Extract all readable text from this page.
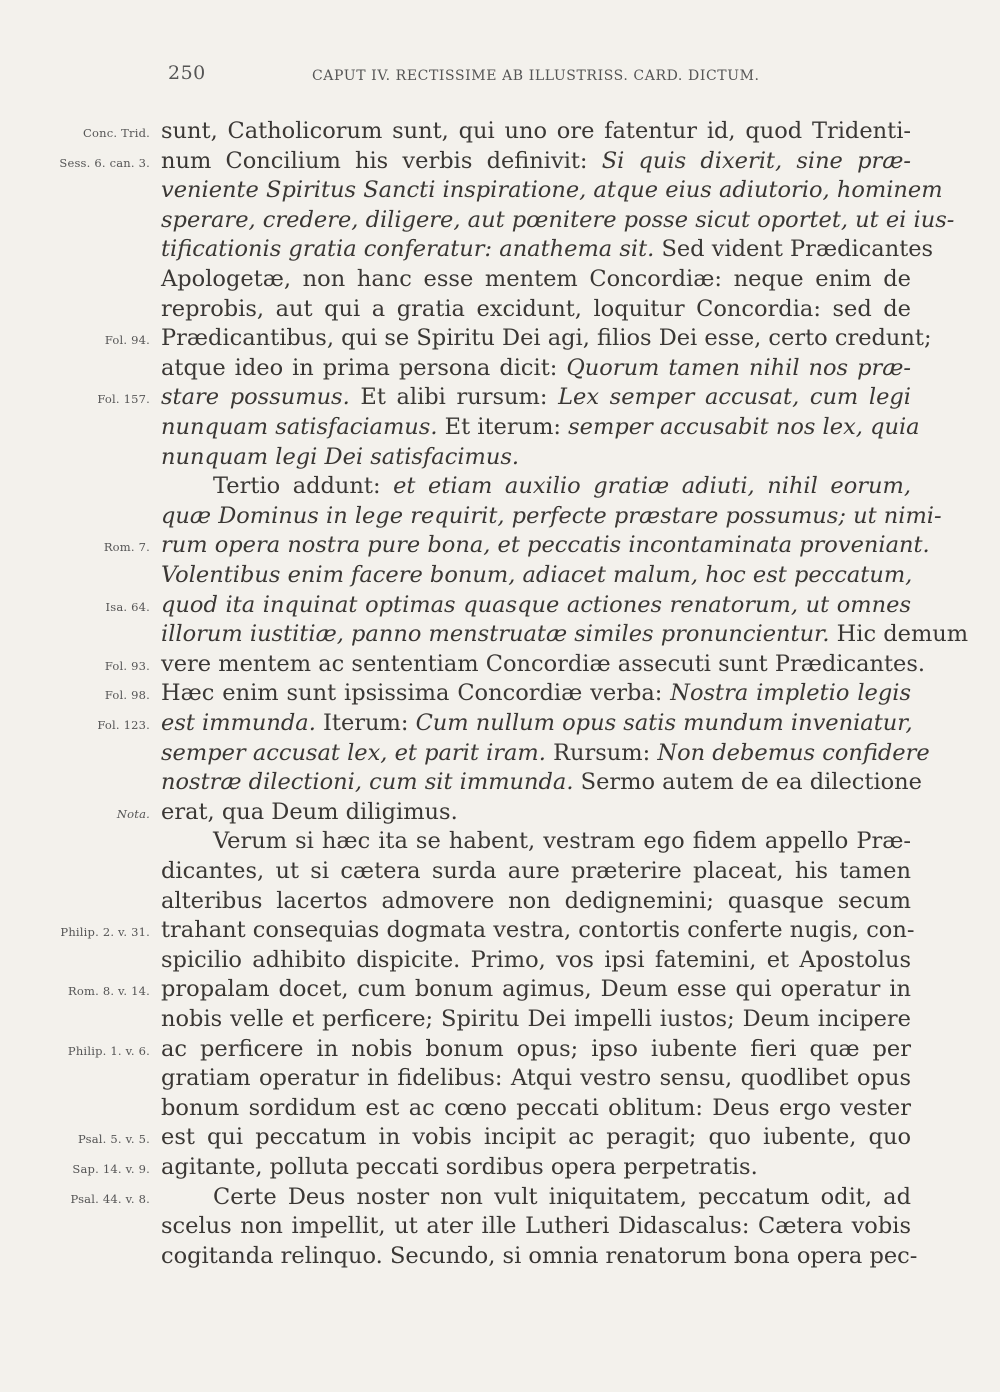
250	CAPUT IV. RECTISSIME AB ILLUSTRISS. CARD. DICTUM.
Conc. Trid.
Sess. 6. can. 3.
Fol. 94.
Fol. 157.
Rom. 7.
Isa. 64.
Fol. 93.
Fol. 98.
Fol. 123.
Nota.
Philip. 2. v. 31.
Rom. 8. v. 14.
Philip. 1. v. 6.
Psal. 5. v. 5.
Sap. 14. v. 9.
Psal. 44. v. 8.
sunt, Catholicorum sunt, qui uno ore fatentur id, quod Tridenti-
num Concilium his verbis definivit: Si quis dixerit, sine præ-
veniente Spiritus Sancti inspiratione, atque eius adiutorio, hominem
sperare, credere, diligere, aut pœnitere posse sicut oportet, ut ei ius-
tificationis gratia conferatur: anathema sit. Sed vident Prædicantes
Apologetæ, non hanc esse mentem Concordiæ: neque enim de
reprobis, aut qui a gratia excidunt, loquitur Concordia: sed de
Prædicantibus, qui se Spiritu Dei agi, filios Dei esse, certo credunt;
atque ideo in prima persona dicit: Quorum tamen nihil nos præ-
stare possumus. Et alibi rursum: Lex semper accusat, cum legi
nunquam satisfaciamus. Et iterum: semper accusabit nos lex, quia
nunquam legi Dei satisfacimus.
Tertio addunt: et etiam auxilio gratiæ adiuti, nihil eorum,
quæ Dominus in lege requirit, perfecte præstare possumus; ut nimi-
rum opera nostra pure bona, et peccatis incontaminata proveniant.
Volentibus enim facere bonum, adiacet malum, hoc est peccatum,
quod ita inquinat optimas quasque actiones renatorum, ut omnes
illorum iustitiæ, panno menstruatæ similes pronuncientur. Hic demum
vere mentem ac sententiam Concordiæ assecuti sunt Prædicantes.
Hæc enim sunt ipsissima Concordiæ verba: Nostra impletio legis
est immunda. Iterum: Cum nullum opus satis mundum inveniatur,
semper accusat lex, et parit iram. Rursum: Non debemus confidere
nostræ dilectioni, cum sit immunda. Sermo autem de ea dilectione
erat, qua Deum diligimus.
Verum si hæc ita se habent, vestram ego fidem appello Præ-
dicantes, ut si cætera surda aure præterire placeat, his tamen
alteribus lacertos admovere non dedignemini; quasque secum
trahant consequias dogmata vestra, contortis conferte nugis, con-
spicilio adhibito dispicite. Primo, vos ipsi fatemini, et Apostolus
propalam docet, cum bonum agimus, Deum esse qui operatur in
nobis velle et perficere; Spiritu Dei impelli iustos; Deum incipere
ac perficere in nobis bonum opus; ipso iubente fieri quæ per
gratiam operatur in fidelibus: Atqui vestro sensu, quodlibet opus
bonum sordidum est ac cœno peccati oblitum: Deus ergo vester
est qui peccatum in vobis incipit ac peragit; quo iubente, quo
agitante, polluta peccati sordibus opera perpetratis.
Certe Deus noster non vult iniquitatem, peccatum odit, ad
scelus non impellit, ut ater ille Lutheri Didascalus: Cætera vobis
cogitanda relinquo. Secundo, si omnia renatorum bona opera pec-
